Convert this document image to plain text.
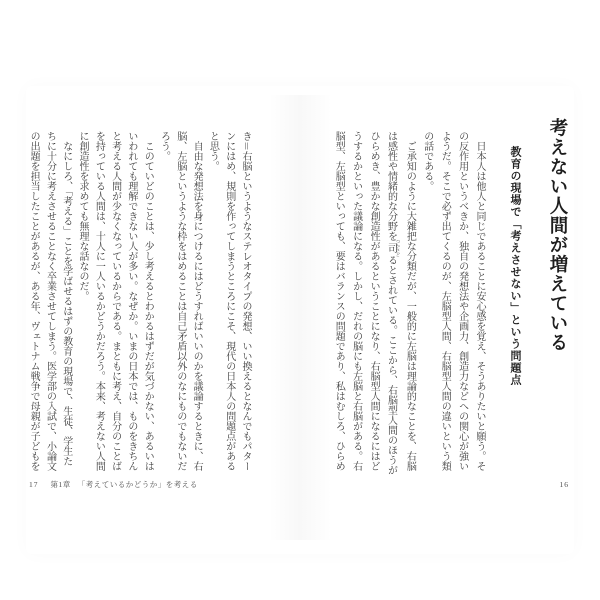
考えない人間が増えている
教育の現場で「考えさせない」という問題点
　日本人は他人と同じであることに安心感を覚え、そうありたいと願う。そ
の反作用というべきか、独自の発想法や企画力、創造力などへの関心が強い
ようだ。そこで必ず出てくるのが、左脳型人間、右脳型人間の違いという類
の話である。
　ご承知のように大雑把な分類だが、一般的に左脳は理論的なことを、右脳
は感性や情緒的な分野を司 つかさどるとされている。ここから、右脳型人間のほうが
ひらめき、豊かな創造性があるということになり、右脳型人間になるにはど
うするかといった議論になる。しかし、だれの脳にも左脳と右脳がある。右
脳型、左脳型といっても、要はバランスの問題であり、私はむしろ、ひらめ
16
き＝右脳というようなステレオタイプの発想、いい換えるとなんでもパター
ンにはめ、規則を作ってしまうところにこそ、現代の日本人の問題点がある
と思う。
　自由な発想法を身につけるにはどうすればいいのかを議論するときに、右
脳、左脳というような枠をはめることは自己矛盾以外のなにものでもないだ
ろう。
　このていどのことは、少し考えるとわかるはずだが気づかない、あるいは
いわれても理解できない人が多い。なぜか。いまの日本では、ものをきちん
と考える人間が少なくなっているからである。まともに考え、自分のことば
を持っている人間は、十人に一人いるかどうかだろう。本来、考えない人間
に創造性を求めても無理な話なのだ。
　なにしろ、「考える」ことを学ばせるはずの教育の現場で、生徒、学生た
ちに十分に考えさせることなく卒業させてしまう。医学部の入試で、小論文
の出題を担当したことがあるが、ある年、ヴェトナム戦争で母親が子どもを
17 第1章 「考えているかどうか」を考える
